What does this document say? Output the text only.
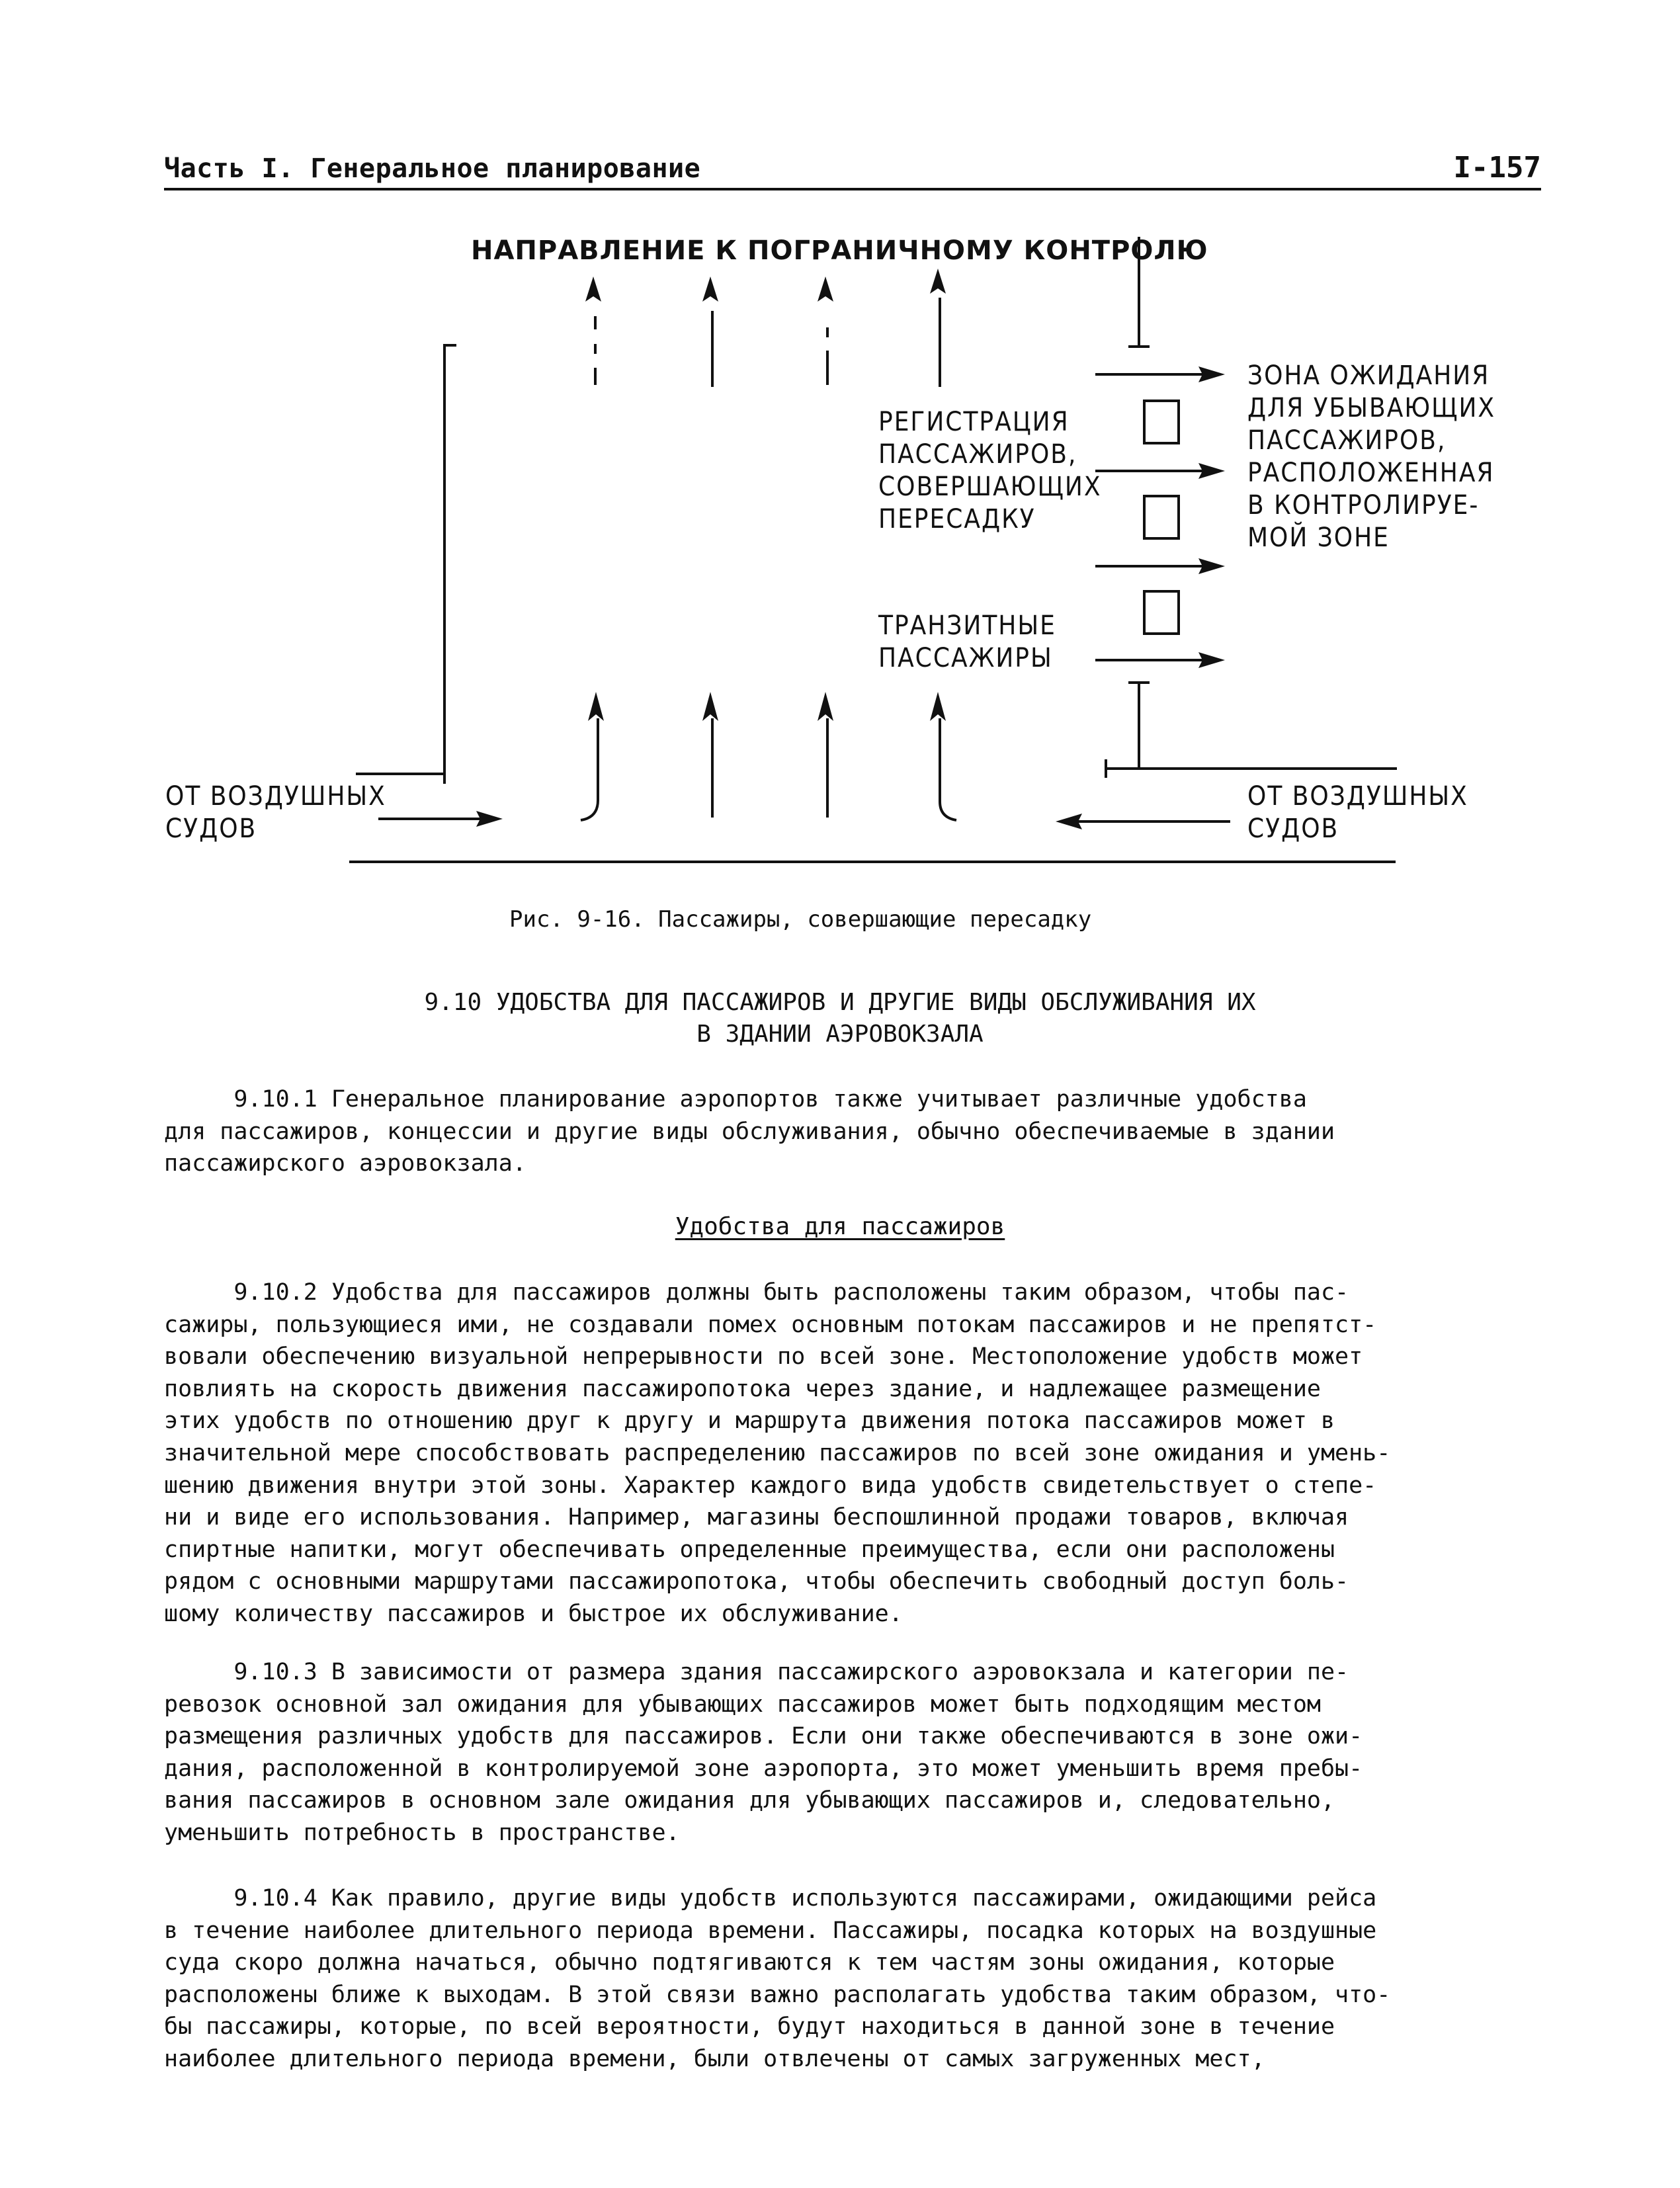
Часть I. Генеральное планирование	I-157
НАПРАВЛЕНИЕ К ПОГРАНИЧНОМУ КОНТРОЛЮ
РЕГИСТРАЦИЯ
ПАССАЖИРОВ,
СОВЕРШАЮЩИХ
ПЕРЕСАДКУ
ЗОНА ОЖИДАНИЯ
ДЛЯ УБЫВАЮЩИХ
ПАССАЖИРОВ,
РАСПОЛОЖЕННАЯ
В КОНТРОЛИРУЕ-
МОЙ ЗОНЕ
ТРАНЗИТНЫЕ
ПАССАЖИРЫ
ОТ ВОЗДУШНЫХ
СУДОВ
ОТ ВОЗДУШНЫХ
СУДОВ
Рис. 9-16. Пассажиры, совершающие пересадку
9.10 УДОБСТВА ДЛЯ ПАССАЖИРОВ И ДРУГИЕ ВИДЫ ОБСЛУЖИВАНИЯ ИХ
В ЗДАНИИ АЭРОВОКЗАЛА
9.10.1 Генеральное планирование аэропортов также учитывает различные удобства
для пассажиров, концессии и другие виды обслуживания, обычно обеспечиваемые в здании
пассажирского аэровокзала.
Удобства для пассажиров
9.10.2 Удобства для пассажиров должны быть расположены таким образом, чтобы пас-
сажиры, пользующиеся ими, не создавали помех основным потокам пассажиров и не препятст-
вовали обеспечению визуальной непрерывности по всей зоне. Местоположение удобств может
повлиять на скорость движения пассажиропотока через здание, и надлежащее размещение
этих удобств по отношению друг к другу и маршрута движения потока пассажиров может в
значительной мере способствовать распределению пассажиров по всей зоне ожидания и умень-
шению движения внутри этой зоны. Характер каждого вида удобств свидетельствует о степе-
ни и виде его использования. Например, магазины беспошлинной продажи товаров, включая
спиртные напитки, могут обеспечивать определенные преимущества, если они расположены
рядом с основными маршрутами пассажиропотока, чтобы обеспечить свободный доступ боль-
шому количеству пассажиров и быстрое их обслуживание.
9.10.3 В зависимости от размера здания пассажирского аэровокзала и категории пе-
ревозок основной зал ожидания для убывающих пассажиров может быть подходящим местом
размещения различных удобств для пассажиров. Если они также обеспечиваются в зоне ожи-
дания, расположенной в контролируемой зоне аэропорта, это может уменьшить время пребы-
вания пассажиров в основном зале ожидания для убывающих пассажиров и, следовательно,
уменьшить потребность в пространстве.
9.10.4 Как правило, другие виды удобств используются пассажирами, ожидающими рейса
в течение наиболее длительного периода времени. Пассажиры, посадка которых на воздушные
суда скоро должна начаться, обычно подтягиваются к тем частям зоны ожидания, которые
расположены ближе к выходам. В этой связи важно располагать удобства таким образом, что-
бы пассажиры, которые, по всей вероятности, будут находиться в данной зоне в течение
наиболее длительного периода времени, были отвлечены от самых загруженных мест,
